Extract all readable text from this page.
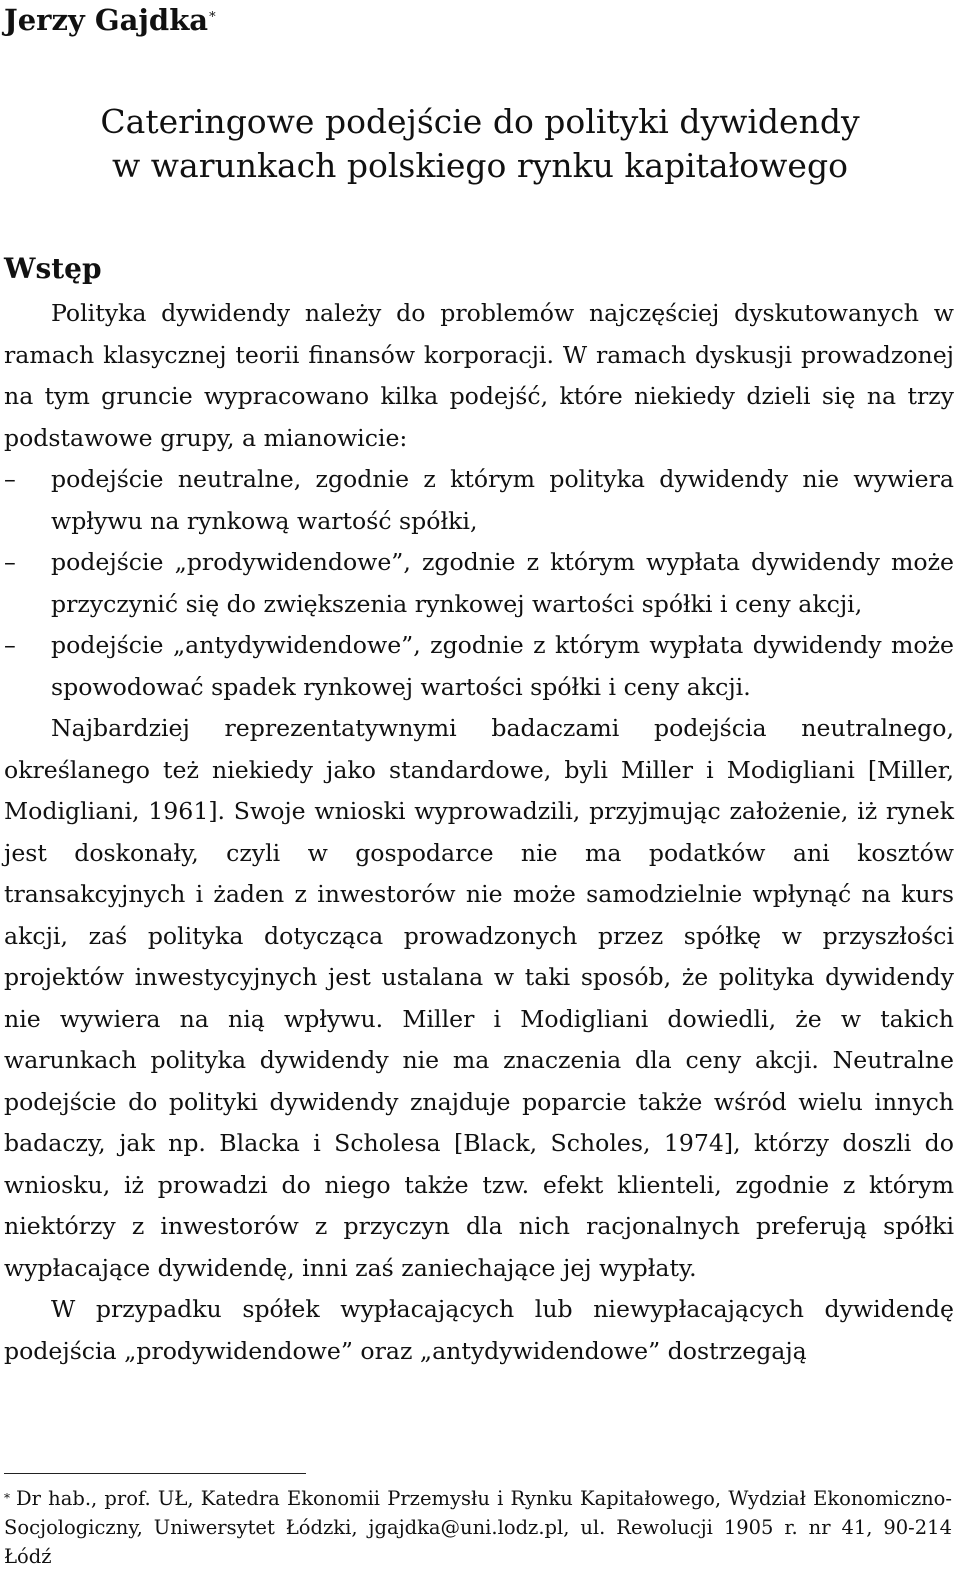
Jerzy Gajdka*
Cateringowe podejście do polityki dywidendy
w warunkach polskiego rynku kapitałowego
Wstęp

Polityka dywidendy należy do problemów najczęściej dyskutowanych w ramach klasycznej teorii finansów korporacji. W ramach dyskusji prowadzonej na tym gruncie wypracowano kilka podejść, które niekiedy dzieli się na trzy podstawowe grupy, a mianowicie:

– podejście neutralne, zgodnie z którym polityka dywidendy nie wywiera wpływu na rynkową wartość spółki,
– podejście „prodywidendowe”, zgodnie z którym wypłata dywidendy może przyczynić się do zwiększenia rynkowej wartości spółki i ceny akcji,
– podejście „antydywidendowe”, zgodnie z którym wypłata dywidendy może spowodować spadek rynkowej wartości spółki i ceny akcji.

Najbardziej reprezentatywnymi badaczami podejścia neutralnego, określanego też niekiedy jako standardowe, byli Miller i Modigliani [Miller, Modigliani, 1961]. Swoje wnioski wyprowadzili, przyjmując założenie, iż rynek jest doskonały, czyli w gospodarce nie ma podatków ani kosztów transakcyjnych i żaden z inwestorów nie może samodzielnie wpłynąć na kurs akcji, zaś polityka dotycząca prowadzonych przez spółkę w przyszłości projektów inwestycyjnych jest ustalana w taki sposób, że polityka dywidendy nie wywiera na nią wpływu. Miller i Modigliani dowiedli, że w takich warunkach polityka dywidendy nie ma znaczenia dla ceny akcji. Neutralne podejście do polityki dywidendy znajduje poparcie także wśród wielu innych badaczy, jak np. Blacka i Scholesa [Black, Scholes, 1974], którzy doszli do wniosku, iż prowadzi do niego także tzw. efekt klienteli, zgodnie z którym niektórzy z inwestorów z przyczyn dla nich racjonalnych preferują spółki wypłacające dywidendę, inni zaś zaniechające jej wypłaty.

W przypadku spółek wypłacających lub niewypłacających dywidendę podejścia „prodywidendowe” oraz „antydywidendowe” dostrzegają

* Dr hab., prof. UŁ, Katedra Ekonomii Przemysłu i Rynku Kapitałowego, Wydział Ekonomiczno-Socjologiczny, Uniwersytet Łódzki, jgajdka@uni.lodz.pl, ul. Rewolucji 1905 r. nr 41, 90-214 Łódź
